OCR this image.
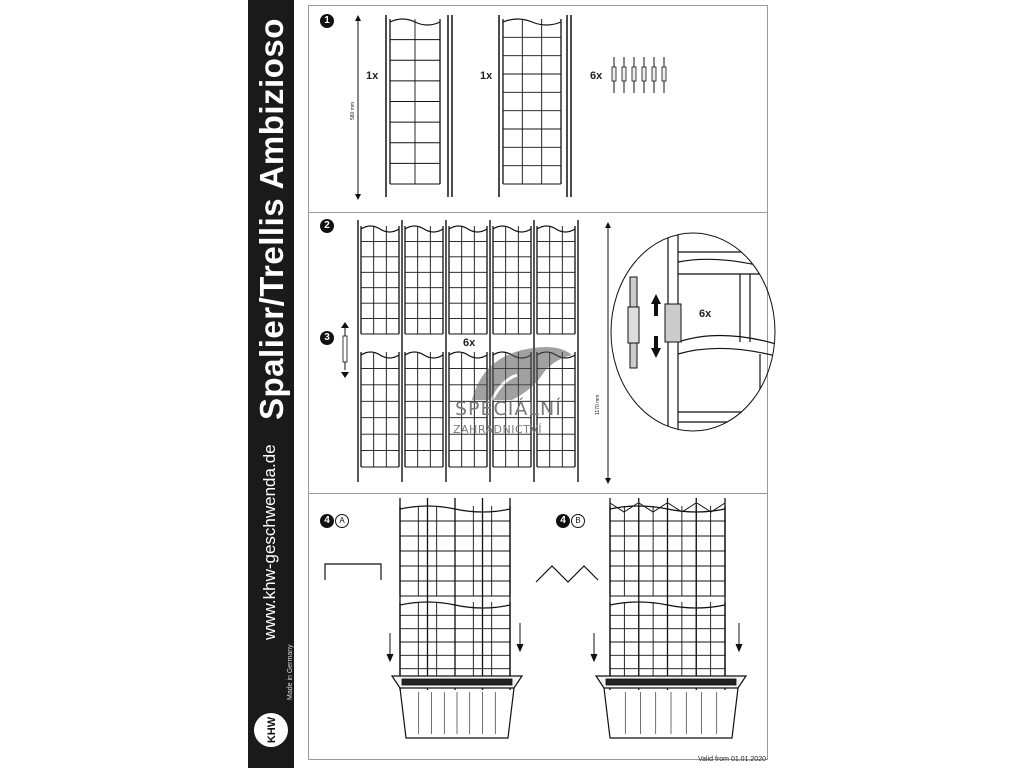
Spalier/Trellis Ambizioso
www.khw-geschwenda.de
KHW
Made in Germany
1
580 mm
1x	1x	6x
2
3	6x
1170 mm
6x
SPECIÁLNÍ
ZAHRADNICTVÍ
4	A	4	B
Valid from 01.01.2020
